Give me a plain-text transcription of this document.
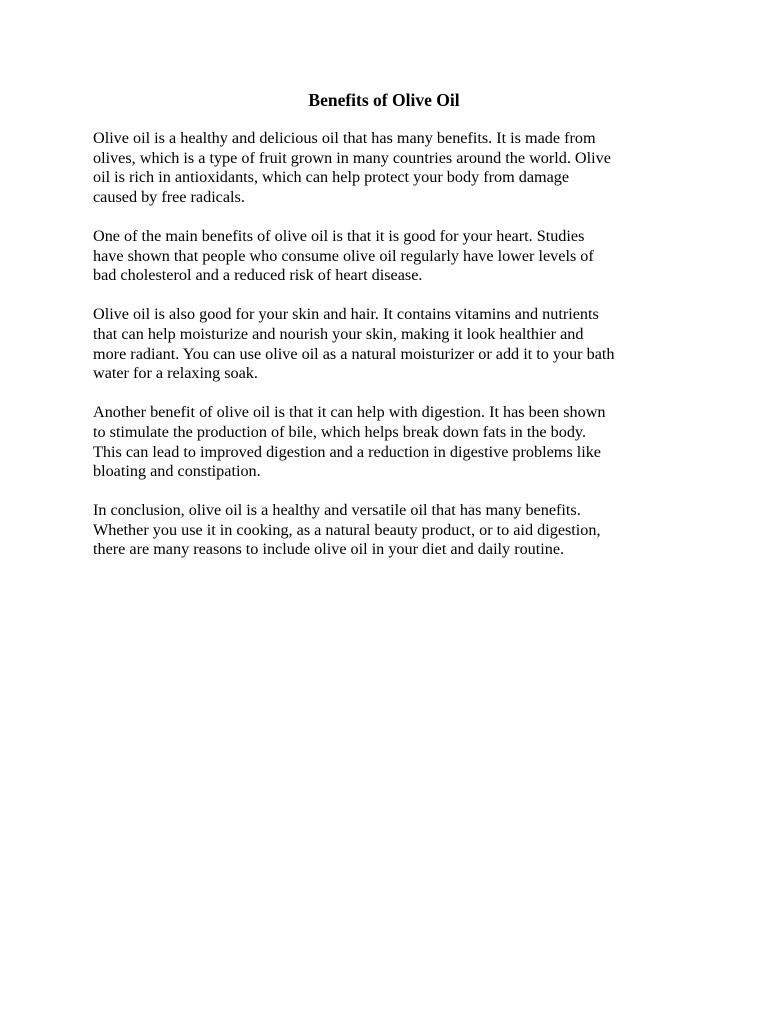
Benefits of Olive Oil

Olive oil is a healthy and delicious oil that has many benefits. It is made from
olives, which is a type of fruit grown in many countries around the world. Olive
oil is rich in antioxidants, which can help protect your body from damage
caused by free radicals.

One of the main benefits of olive oil is that it is good for your heart. Studies
have shown that people who consume olive oil regularly have lower levels of
bad cholesterol and a reduced risk of heart disease.

Olive oil is also good for your skin and hair. It contains vitamins and nutrients
that can help moisturize and nourish your skin, making it look healthier and
more radiant. You can use olive oil as a natural moisturizer or add it to your bath
water for a relaxing soak.

Another benefit of olive oil is that it can help with digestion. It has been shown
to stimulate the production of bile, which helps break down fats in the body.
This can lead to improved digestion and a reduction in digestive problems like
bloating and constipation.

In conclusion, olive oil is a healthy and versatile oil that has many benefits.
Whether you use it in cooking, as a natural beauty product, or to aid digestion,
there are many reasons to include olive oil in your diet and daily routine.
